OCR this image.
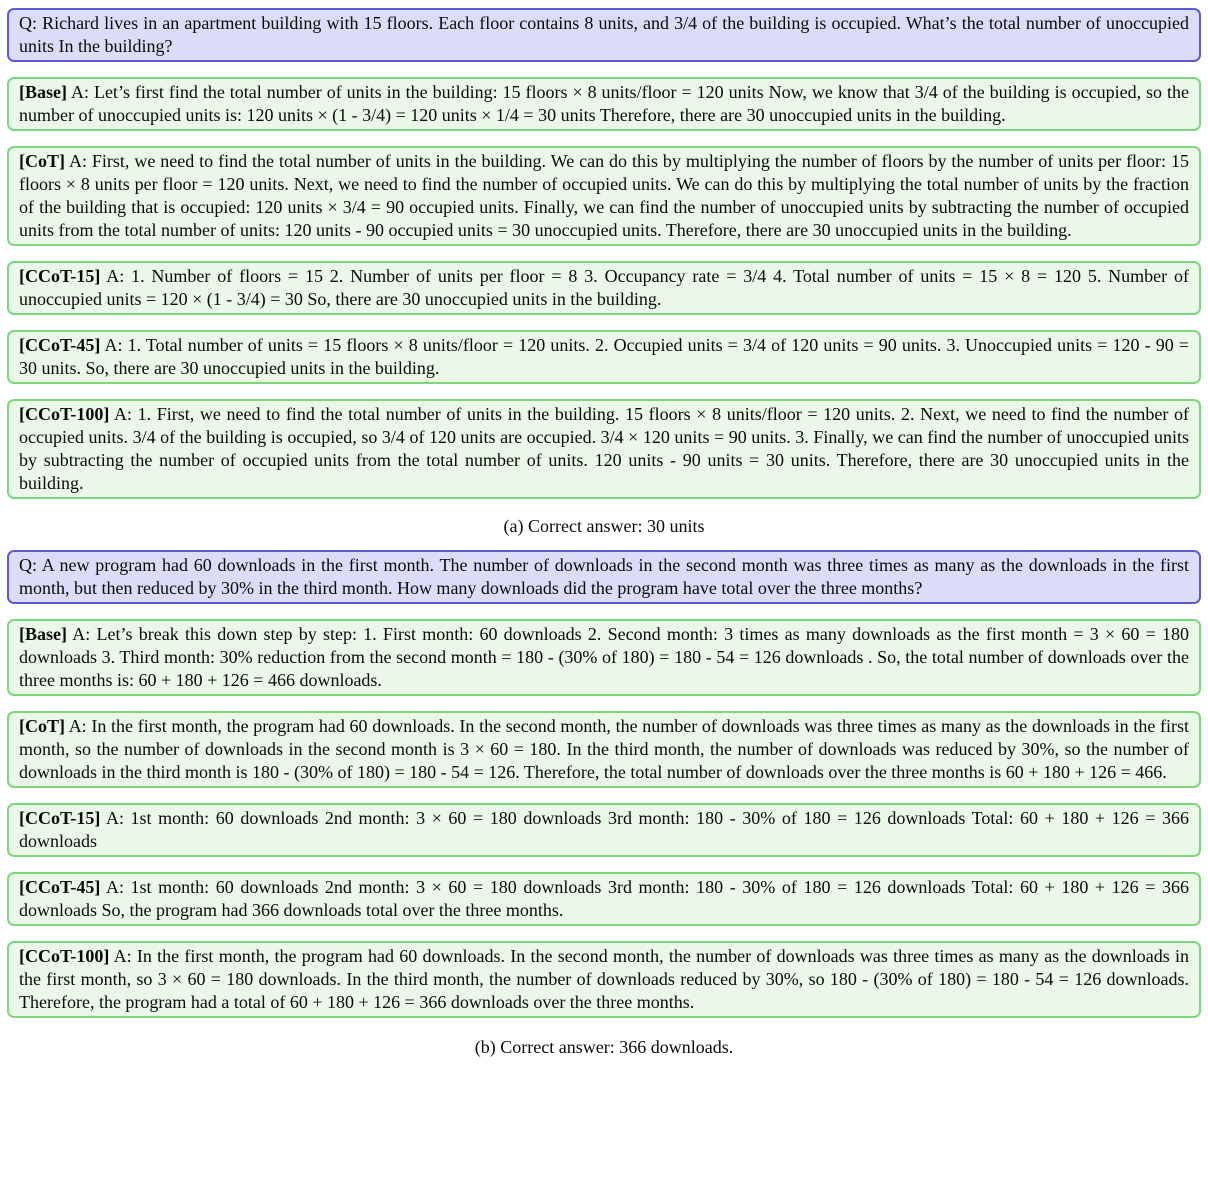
Q: Richard lives in an apartment building with 15 floors. Each floor contains 8 units, and 3/4 of the building is occupied. What’s the total number of unoccupied units In the building?
[Base] A: Let’s first find the total number of units in the building: 15 floors × 8 units/floor = 120 units Now, we know that 3/4 of the building is occupied, so the number of unoccupied units is: 120 units × (1 - 3/4) = 120 units × 1/4 = 30 units Therefore, there are 30 unoccupied units in the building.
[CoT] A: First, we need to find the total number of units in the building. We can do this by multiplying the number of floors by the number of units per floor: 15 floors × 8 units per floor = 120 units. Next, we need to find the number of occupied units. We can do this by multiplying the total number of units by the fraction of the building that is occupied: 120 units × 3/4 = 90 occupied units. Finally, we can find the number of unoccupied units by subtracting the number of occupied units from the total number of units: 120 units - 90 occupied units = 30 unoccupied units. Therefore, there are 30 unoccupied units in the building.
[CCoT-15] A: 1. Number of floors = 15 2. Number of units per floor = 8 3. Occupancy rate = 3/4 4. Total number of units = 15 × 8 = 120 5. Number of unoccupied units = 120 × (1 - 3/4) = 30 So, there are 30 unoccupied units in the building.
[CCoT-45] A: 1. Total number of units = 15 floors × 8 units/floor = 120 units. 2. Occupied units = 3/4 of 120 units = 90 units. 3. Unoccupied units = 120 - 90 = 30 units. So, there are 30 unoccupied units in the building.
[CCoT-100] A: 1. First, we need to find the total number of units in the building. 15 floors × 8 units/floor = 120 units. 2. Next, we need to find the number of occupied units. 3/4 of the building is occupied, so 3/4 of 120 units are occupied. 3/4 × 120 units = 90 units. 3. Finally, we can find the number of unoccupied units by subtracting the number of occupied units from the total number of units. 120 units - 90 units = 30 units. Therefore, there are 30 unoccupied units in the building.
(a) Correct answer: 30 units
Q: A new program had 60 downloads in the first month. The number of downloads in the second month was three times as many as the downloads in the first month, but then reduced by 30% in the third month. How many downloads did the program have total over the three months?
[Base] A: Let’s break this down step by step: 1. First month: 60 downloads 2. Second month: 3 times as many downloads as the first month = 3 × 60 = 180 downloads 3. Third month: 30% reduction from the second month = 180 - (30% of 180) = 180 - 54 = 126 downloads . So, the total number of downloads over the three months is: 60 + 180 + 126 = 466 downloads.
[CoT] A: In the first month, the program had 60 downloads. In the second month, the number of downloads was three times as many as the downloads in the first month, so the number of downloads in the second month is 3 × 60 = 180. In the third month, the number of downloads was reduced by 30%, so the number of downloads in the third month is 180 - (30% of 180) = 180 - 54 = 126. Therefore, the total number of downloads over the three months is 60 + 180 + 126 = 466.
[CCoT-15] A: 1st month: 60 downloads 2nd month: 3 × 60 = 180 downloads 3rd month: 180 - 30% of 180 = 126 downloads Total: 60 + 180 + 126 = 366 downloads
[CCoT-45] A: 1st month: 60 downloads 2nd month: 3 × 60 = 180 downloads 3rd month: 180 - 30% of 180 = 126 downloads Total: 60 + 180 + 126 = 366 downloads So, the program had 366 downloads total over the three months.
[CCoT-100] A: In the first month, the program had 60 downloads. In the second month, the number of downloads was three times as many as the downloads in the first month, so 3 × 60 = 180 downloads. In the third month, the number of downloads reduced by 30%, so 180 - (30% of 180) = 180 - 54 = 126 downloads. Therefore, the program had a total of 60 + 180 + 126 = 366 downloads over the three months.
(b) Correct answer: 366 downloads.
